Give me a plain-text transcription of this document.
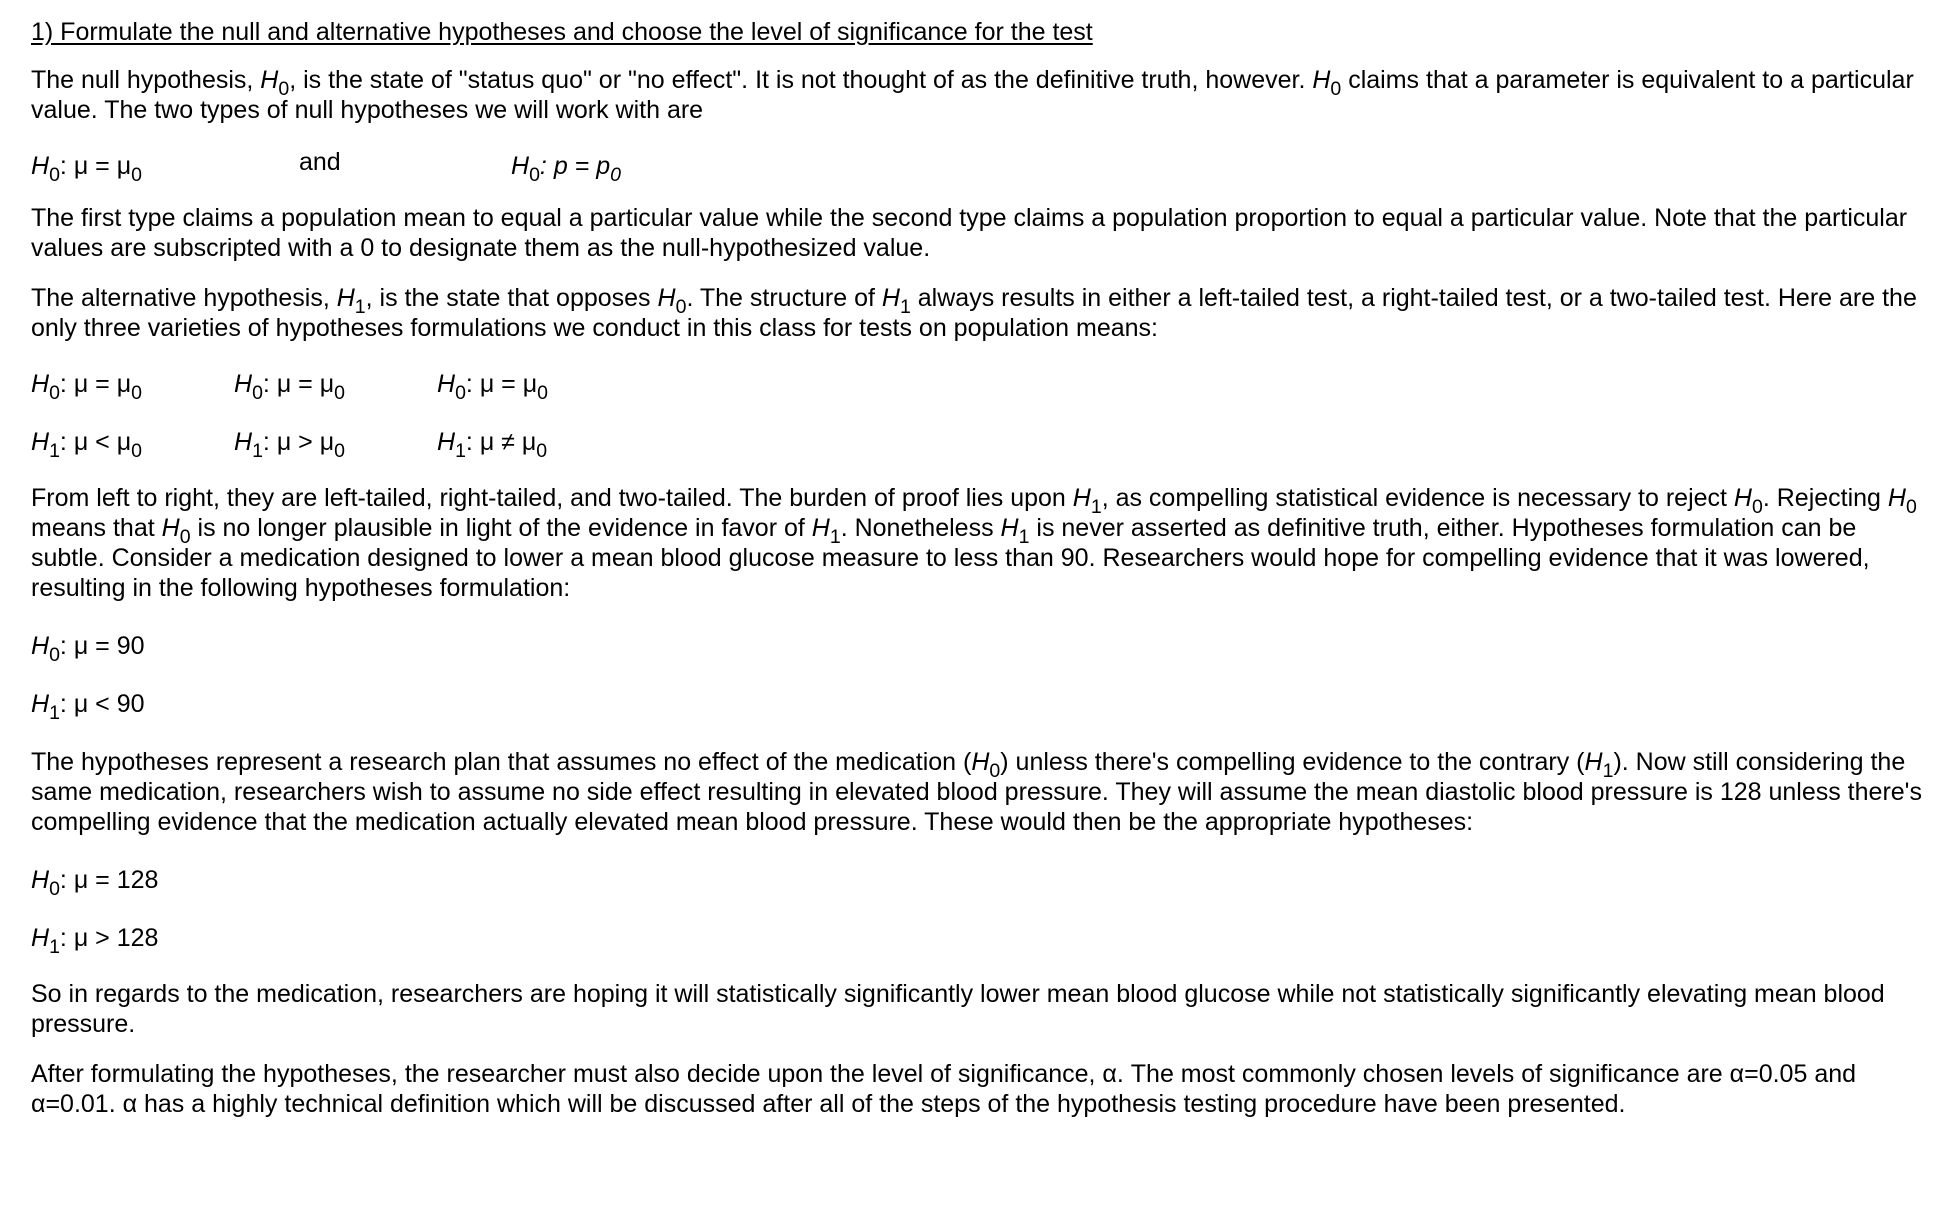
1) Formulate the null and alternative hypotheses and choose the level of significance for the test

The null hypothesis, $H_0$, is the state of "status quo" or "no effect". It is not thought of as the definitive truth, however. $H_0$ claims that a parameter is equivalent to a particular value. The two types of null hypotheses we will work with are

$H_0$: $\mu = \mu_0$	and	$H_0$: $p = p_0$

The first type claims a population mean to equal a particular value while the second type claims a population proportion to equal a particular value. Note that the particular values are subscripted with a 0 to designate them as the null-hypothesized value.

The alternative hypothesis, $H_1$, is the state that opposes $H_0$. The structure of $H_1$ always results in either a left-tailed test, a right-tailed test, or a two-tailed test. Here are the only three varieties of hypotheses formulations we conduct in this class for tests on population means:

$H_0$: $\mu = \mu_0$	$H_0$: $\mu = \mu_0$	$H_0$: $\mu = \mu_0$
$H_1$: $\mu < \mu_0$	$H_1$: $\mu > \mu_0$	$H_1$: $\mu \ne \mu_0$

From left to right, they are left-tailed, right-tailed, and two-tailed. The burden of proof lies upon $H_1$, as compelling statistical evidence is necessary to reject $H_0$. Rejecting $H_0$ means that $H_0$ is no longer plausible in light of the evidence in favor of $H_1$. Nonetheless $H_1$ is never asserted as definitive truth, either. Hypotheses formulation can be subtle. Consider a medication designed to lower a mean blood glucose measure to less than 90. Researchers would hope for compelling evidence that it was lowered, resulting in the following hypotheses formulation:

$H_0$: μ = 90
$H_1$: μ < 90

The hypotheses represent a research plan that assumes no effect of the medication $(H_0)$ unless there's compelling evidence to the contrary $(H_1)$. Now still considering the same medication, researchers wish to assume no side effect resulting in elevated blood pressure. They will assume the mean diastolic blood pressure is 128 unless there's compelling evidence that the medication actually elevated mean blood pressure. These would then be the appropriate hypotheses:

$H_0$: μ = 128
$H_1$: μ > 128

So in regards to the medication, researchers are hoping it will statistically significantly lower mean blood glucose while not statistically significantly elevating mean blood pressure.

After formulating the hypotheses, the researcher must also decide upon the level of significance, α. The most commonly chosen levels of significance are α=0.05 and α=0.01. α has a highly technical definition which will be discussed after all of the steps of the hypothesis testing procedure have been presented.
